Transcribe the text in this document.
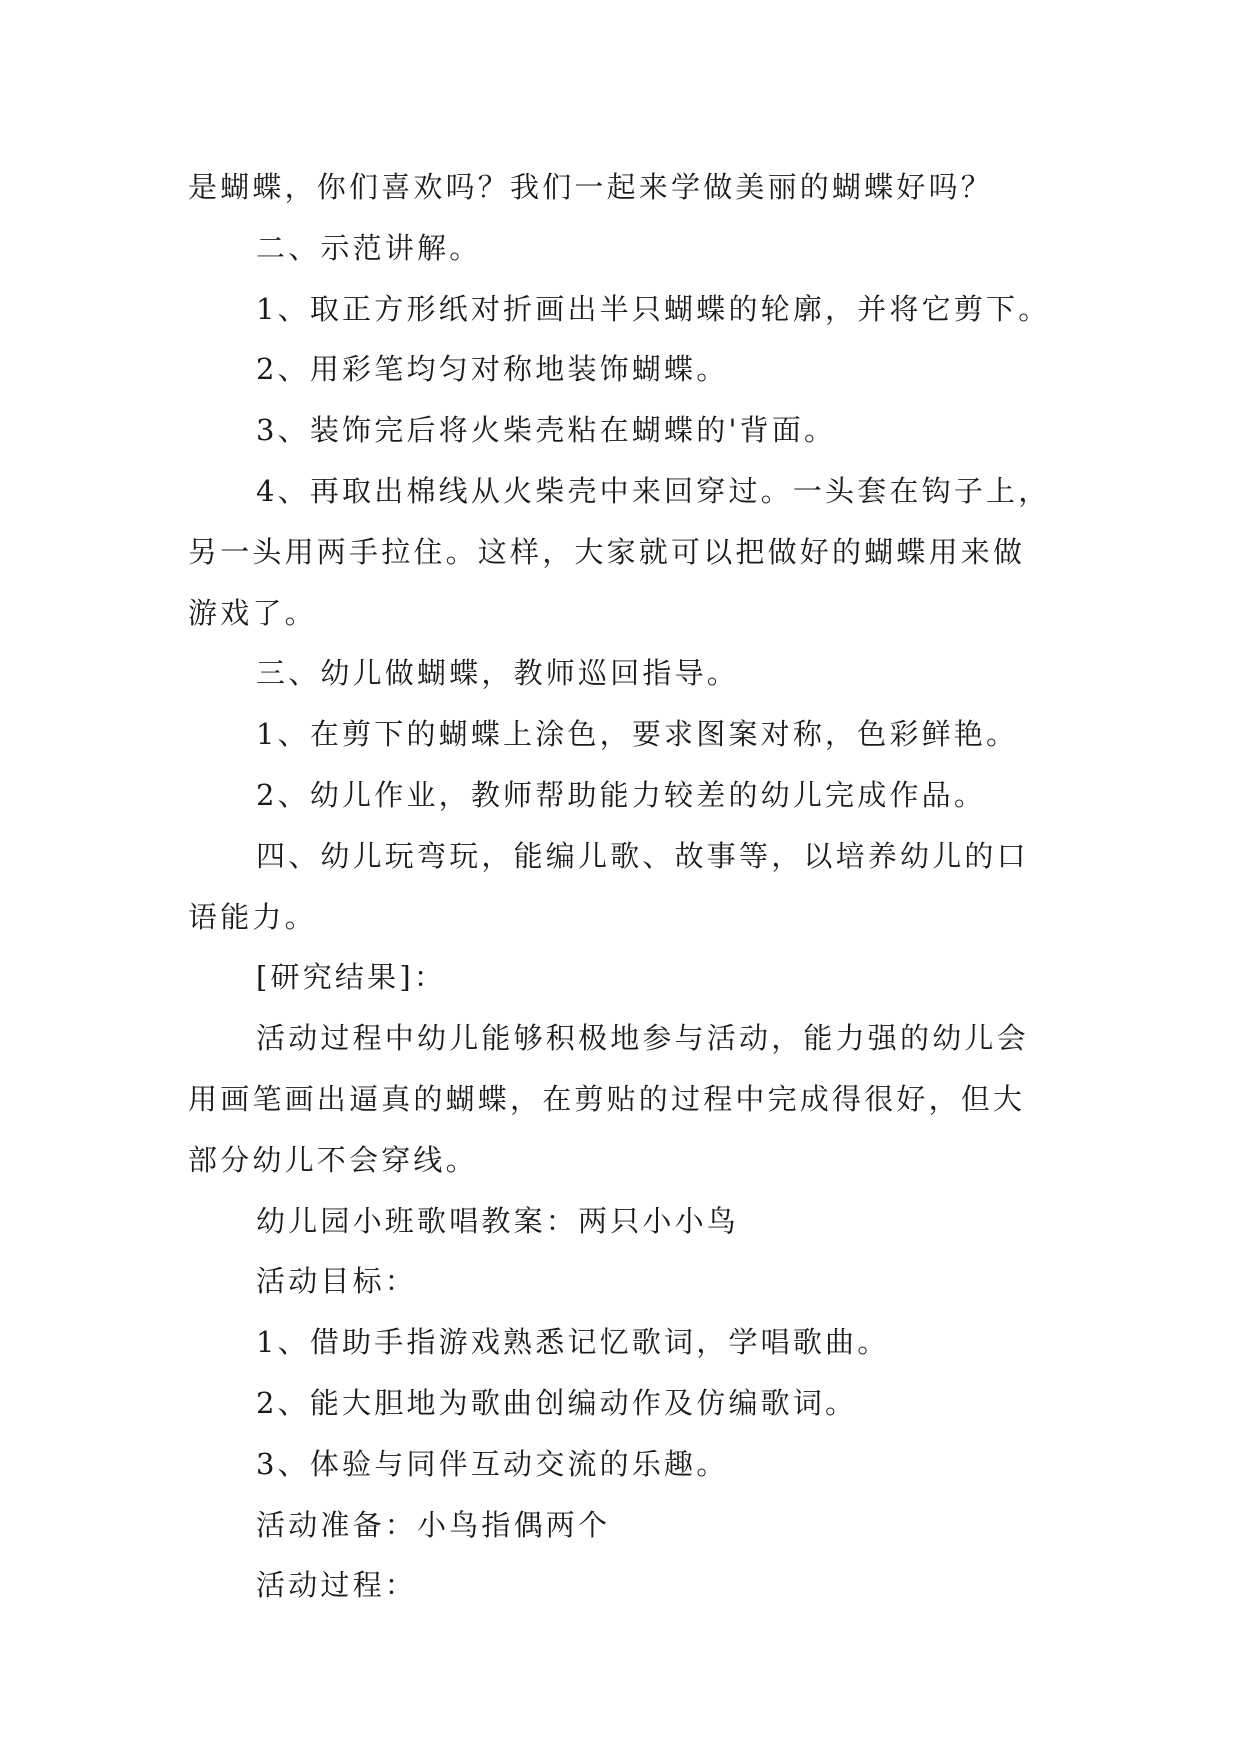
是蝴蝶，你们喜欢吗？我们一起来学做美丽的蝴蝶好吗？
二、示范讲解。
1、取正方形纸对折画出半只蝴蝶的轮廓，并将它剪下。
2、用彩笔均匀对称地装饰蝴蝶。
3、装饰完后将火柴壳粘在蝴蝶的'背面。
4、再取出棉线从火柴壳中来回穿过。一头套在钩子上，
另一头用两手拉住。这样，大家就可以把做好的蝴蝶用来做
游戏了。
三、幼儿做蝴蝶，教师巡回指导。
1、在剪下的蝴蝶上涂色，要求图案对称，色彩鲜艳。
2、幼儿作业，教师帮助能力较差的幼儿完成作品。
四、幼儿玩弯玩，能编儿歌、故事等，以培养幼儿的口
语能力。
[研究结果]：
活动过程中幼儿能够积极地参与活动，能力强的幼儿会
用画笔画出逼真的蝴蝶，在剪贴的过程中完成得很好，但大
部分幼儿不会穿线。
幼儿园小班歌唱教案：两只小小鸟
活动目标：
1、借助手指游戏熟悉记忆歌词，学唱歌曲。
2、能大胆地为歌曲创编动作及仿编歌词。
3、体验与同伴互动交流的乐趣。
活动准备：小鸟指偶两个
活动过程：
